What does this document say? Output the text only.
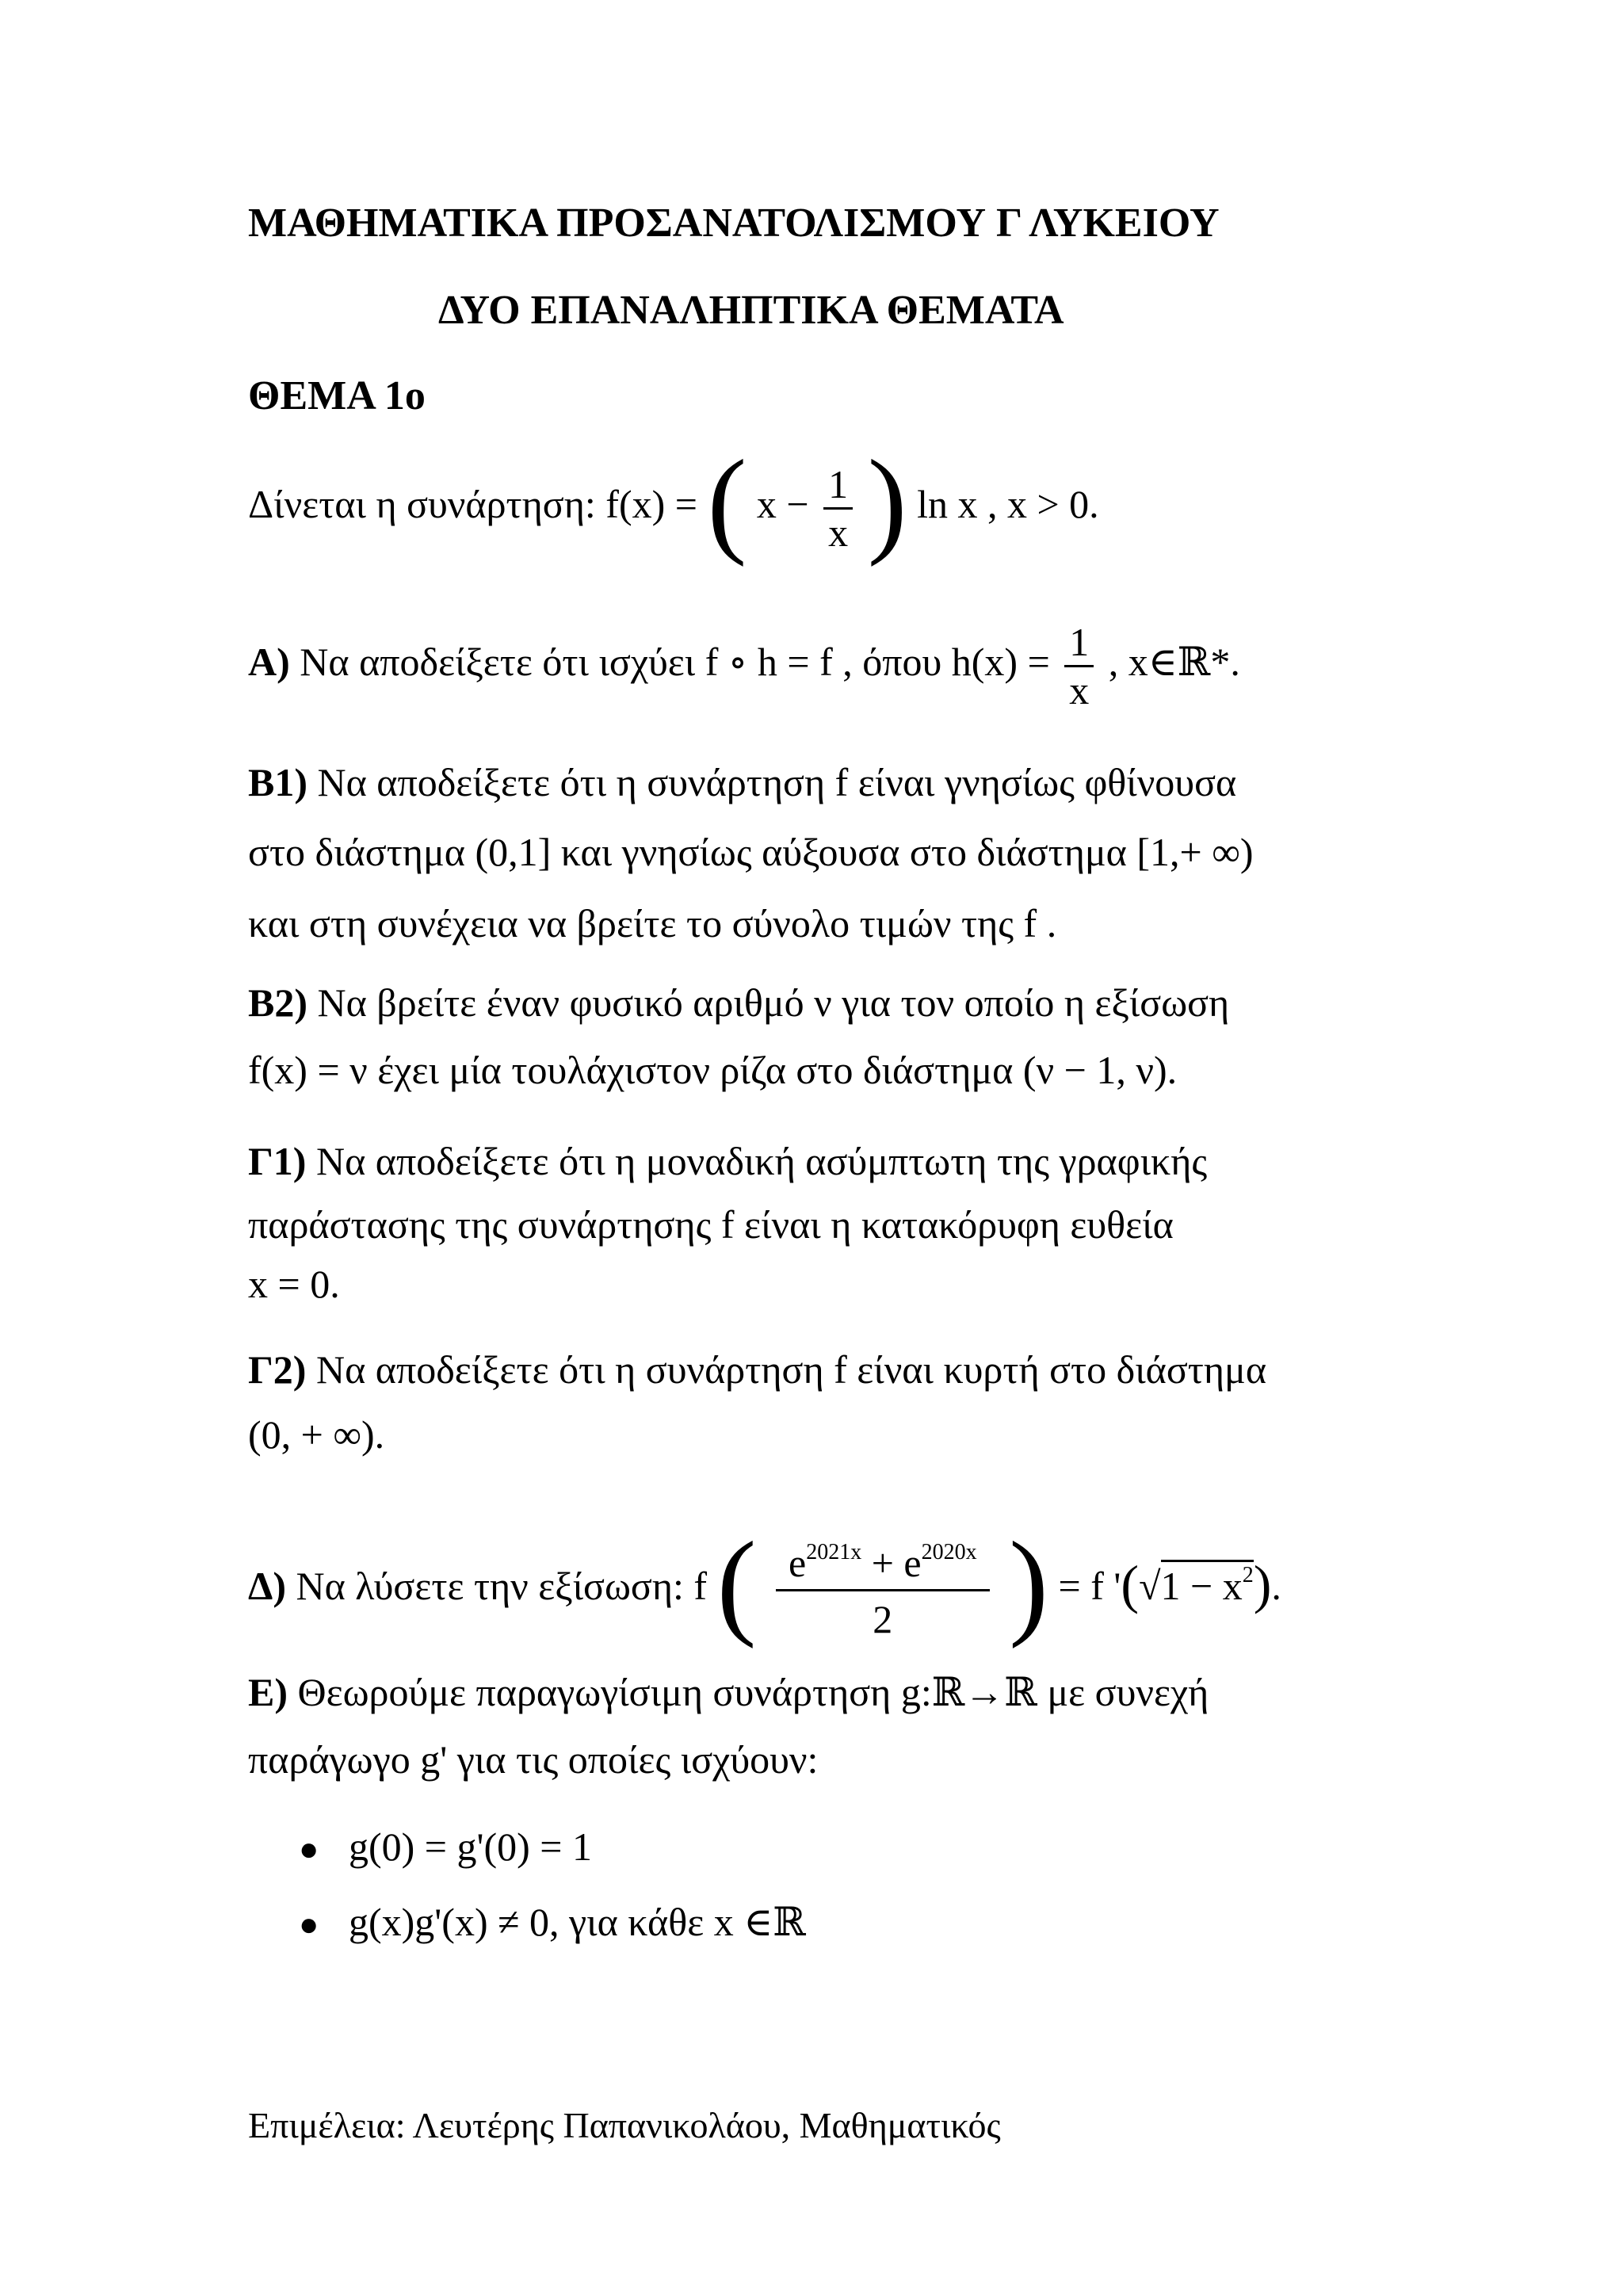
ΜΑΘΗΜΑΤΙΚΑ ΠΡΟΣΑΝΑΤΟΛΙΣΜΟΥ Γ ΛΥΚΕΙΟΥ
ΔΥΟ ΕΠΑΝΑΛΗΠΤΙΚΑ ΘΕΜΑΤΑ
ΘΕΜΑ 1ο
Δίνεται η συνάρτηση: f(x) = ( $x - \frac{1}{x}$ ) ln x , x > 0.
Α) Να αποδείξετε ότι ισχύει f ∘ h = f , όπου $h(x) = \frac{1}{x}$ , x∈ℝ*.
Β1) Να αποδείξετε ότι η συνάρτηση f είναι γνησίως φθίνουσα
στο διάστημα (0,1] και γνησίως αύξουσα στο διάστημα [1,+ ∞)
και στη συνέχεια να βρείτε το σύνολο τιμών της f .
Β2) Να βρείτε έναν φυσικό αριθμό ν για τον οποίο η εξίσωση
f(x) = ν έχει μία τουλάχιστον ρίζα στο διάστημα (ν − 1, ν).
Γ1) Να αποδείξετε ότι η μοναδική ασύμπτωτη της γραφικής
παράστασης της συνάρτησης f είναι η κατακόρυφη ευθεία
x = 0.
Γ2) Να αποδείξετε ότι η συνάρτηση f είναι κυρτή στο διάστημα
(0, + ∞).
Δ) Να λύσετε την εξίσωση: f ( $\frac{e^{2021x} + e^{2020x}}{2}$ ) = f '$(√1 - x^2)$.
Ε) Θεωρούμε παραγωγίσιμη συνάρτηση g:ℝ→ℝ με συνεχή
παράγωγο g' για τις οποίες ισχύουν:
● g(0) = g'(0) = 1
● g(x)g'(x) ≠ 0, για κάθε x ∈ℝ
Επιμέλεια: Λευτέρης Παπανικολάου, Μαθηματικός
